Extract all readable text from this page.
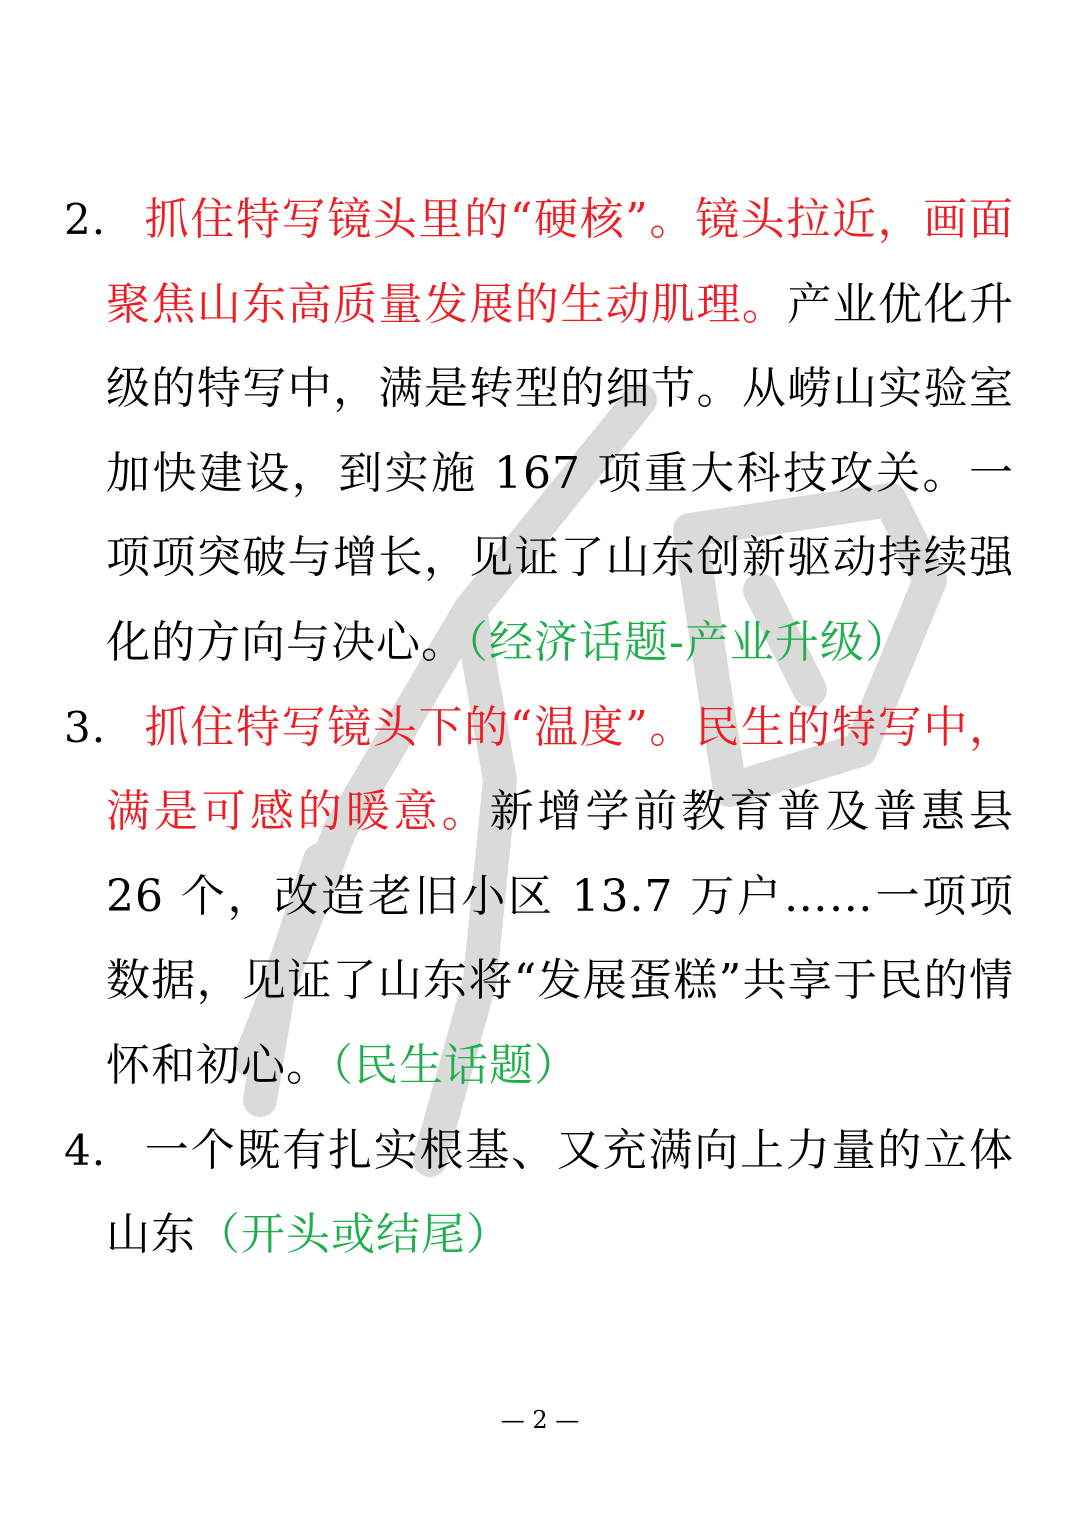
2. 抓住特写镜头里的“硬核”。镜头拉近，画面聚焦山东高质量发展的生动肌理。产业优化升级的特写中，满是转型的细节。从崂山实验室加快建设，到实施 167 项重大科技攻关。一项项突破与增长，见证了山东创新驱动持续强化的方向与决心。（经济话题-产业升级）

3. 抓住特写镜头下的“温度”。民生的特写中，满是可感的暖意。新增学前教育普及普惠县 26 个，改造老旧小区 13.7 万户……一项项数据，见证了山东将“发展蛋糕”共享于民的情怀和初心。（民生话题）

4. 一个既有扎实根基、又充满向上力量的立体山东（开头或结尾）

— 2 —
